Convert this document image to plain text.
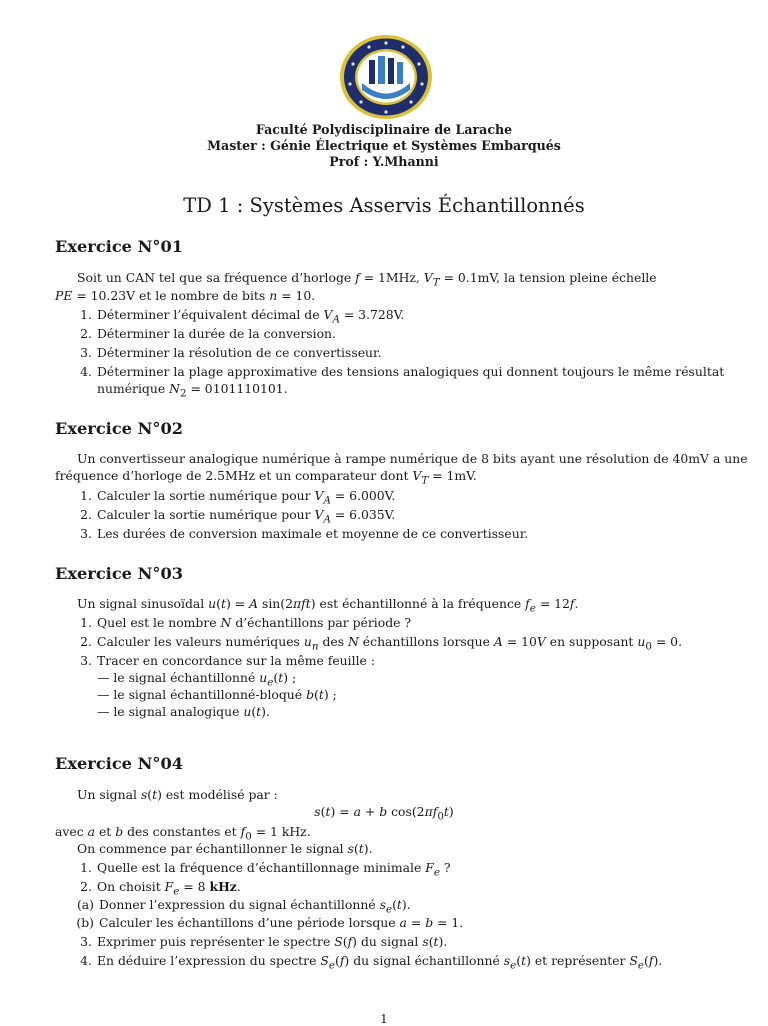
Faculté Polydisciplinaire de Larache
Master : Génie Électrique et Systèmes Embarqués
Prof : Y.Mhanni
TD 1 : Systèmes Asservis Échantillonnés
Exercice N°01
Soit un CAN tel que sa fréquence d’horloge f = 1MHz, $V_T = 0.1mV$, la tension pleine échelle
PE = 10.23V et le nombre de bits n = 10.
1. Déterminer l’équivalent décimal de $V_A = 3.728V$.
2. Déterminer la durée de la conversion.
3. Déterminer la résolution de ce convertisseur.
4. Déterminer la plage approximative des tensions analogiques qui donnent toujours le même résultat
numérique $N_2 = 0101110101$.
Exercice N°02
Un convertisseur analogique numérique à rampe numérique de 8 bits ayant une résolution de 40mV a une
fréquence d’horloge de 2.5MHz et un comparateur dont $V_T = 1mV$.
1. Calculer la sortie numérique pour $V_A = 6.000V$.
2. Calculer la sortie numérique pour $V_A = 6.035V$.
3. Les durées de conversion maximale et moyenne de ce convertisseur.
Exercice N°03
Un signal sinusoïdal u(t) = A sin(2πft) est échantillonné à la fréquence $f_e = 12f$.
1. Quel est le nombre N d’échantillons par période ?
2. Calculer les valeurs numériques $u_n$ des N échantillons lorsque A = 10V en supposant $u_0 = 0$.
3. Tracer en concordance sur la même feuille :
— le signal échantillonné $u_e(t)$ ;
— le signal échantillonné-bloqué b(t) ;
— le signal analogique u(t).
Exercice N°04
Un signal s(t) est modélisé par :
s(t) = a + b $\cos(2\pi f_0t)$
avec a et b des constantes et $f_0 = 1$ kHz.
On commence par échantillonner le signal s(t).
1. Quelle est la fréquence d’échantillonnage minimale $F_e$ ?
2. On choisit $F_e = 8$ kHz.
(a) Donner l’expression du signal échantillonné $s_e(t)$.
(b) Calculer les échantillons d’une période lorsque a = b = 1.
3. Exprimer puis représenter le spectre S(f) du signal s(t).
4. En déduire l’expression du spectre $S_e(f)$ du signal échantillonné $s_e(t)$ et représenter $S_e(f)$.
1
